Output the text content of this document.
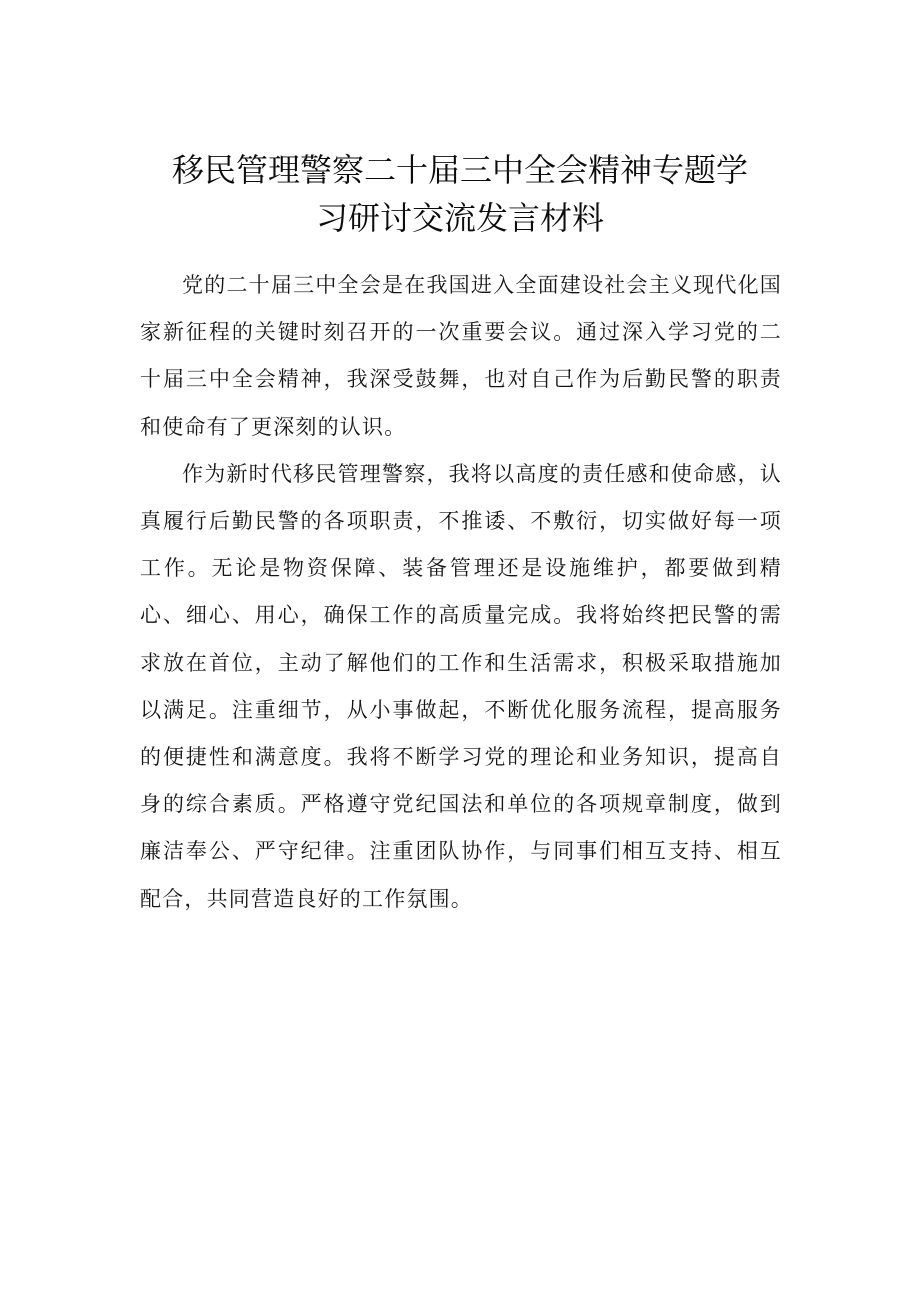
移民管理警察二十届三中全会精神专题学
习研讨交流发言材料

党的二十届三中全会是在我国进入全面建设社会主义现代化国家新征程的关键时刻召开的一次重要会议。通过深入学习党的二十届三中全会精神，我深受鼓舞，也对自己作为后勤民警的职责和使命有了更深刻的认识。

作为新时代移民管理警察，我将以高度的责任感和使命感，认真履行后勤民警的各项职责，不推诿、不敷衍，切实做好每一项工作。无论是物资保障、装备管理还是设施维护，都要做到精心、细心、用心，确保工作的高质量完成。我将始终把民警的需求放在首位，主动了解他们的工作和生活需求，积极采取措施加以满足。注重细节，从小事做起，不断优化服务流程，提高服务的便捷性和满意度。我将不断学习党的理论和业务知识，提高自身的综合素质。严格遵守党纪国法和单位的各项规章制度，做到廉洁奉公、严守纪律。注重团队协作，与同事们相互支持、相互配合，共同营造良好的工作氛围。
